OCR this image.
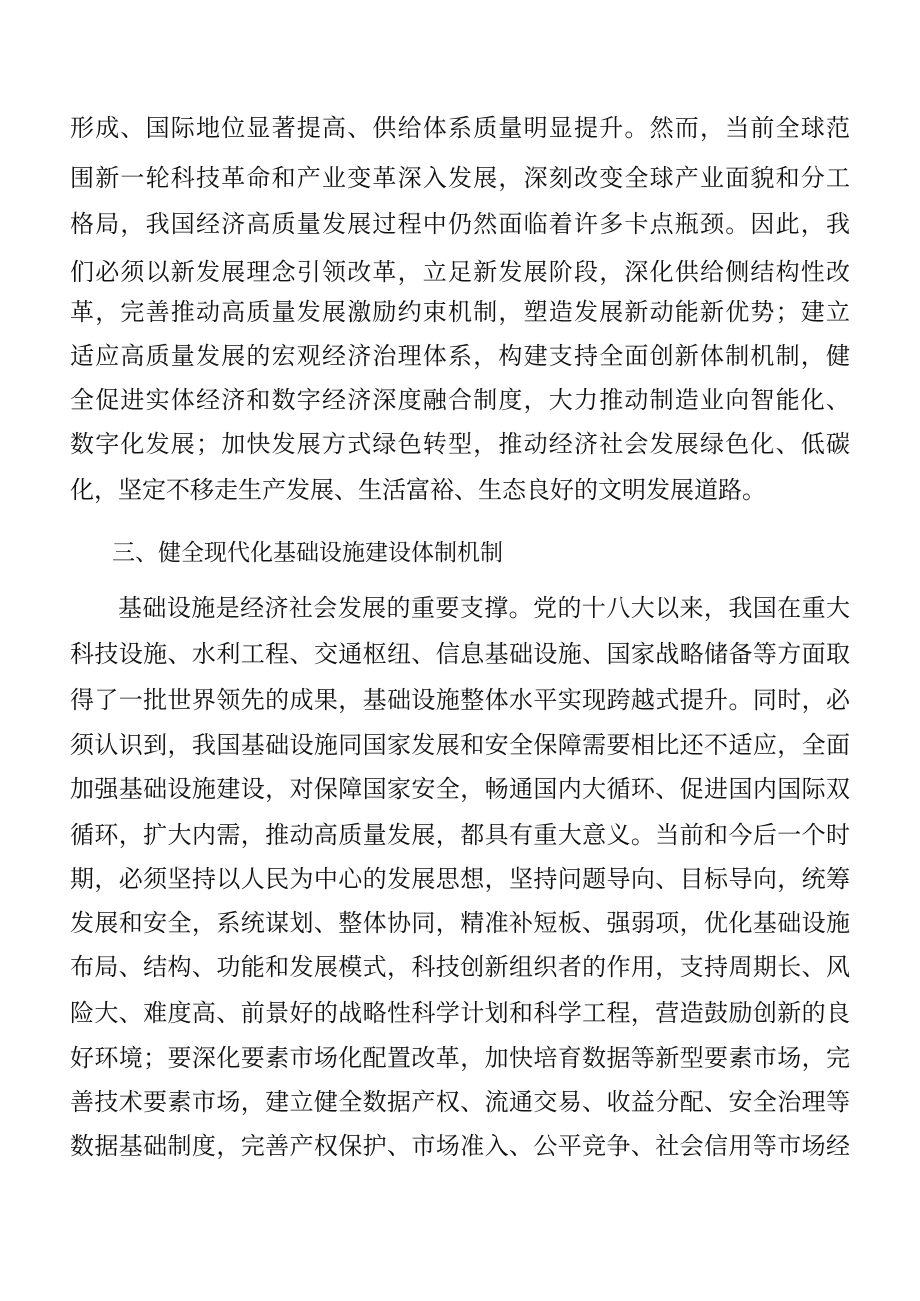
形成、国际地位显著提高、供给体系质量明显提升。然而，当前全球范
围新一轮科技革命和产业变革深入发展，深刻改变全球产业面貌和分工
格局，我国经济高质量发展过程中仍然面临着许多卡点瓶颈。因此，我
们必须以新发展理念引领改革，立足新发展阶段，深化供给侧结构性改
革，完善推动高质量发展激励约束机制，塑造发展新动能新优势；建立
适应高质量发展的宏观经济治理体系，构建支持全面创新体制机制，健
全促进实体经济和数字经济深度融合制度，大力推动制造业向智能化、
数字化发展；加快发展方式绿色转型，推动经济社会发展绿色化、低碳
化，坚定不移走生产发展、生活富裕、生态良好的文明发展道路。
三、健全现代化基础设施建设体制机制
基础设施是经济社会发展的重要支撑。党的十八大以来，我国在重大
科技设施、水利工程、交通枢纽、信息基础设施、国家战略储备等方面取
得了一批世界领先的成果，基础设施整体水平实现跨越式提升。同时，必
须认识到，我国基础设施同国家发展和安全保障需要相比还不适应，全面
加强基础设施建设，对保障国家安全，畅通国内大循环、促进国内国际双
循环，扩大内需，推动高质量发展，都具有重大意义。当前和今后一个时
期，必须坚持以人民为中心的发展思想，坚持问题导向、目标导向，统筹
发展和安全，系统谋划、整体协同，精准补短板、强弱项，优化基础设施
布局、结构、功能和发展模式，科技创新组织者的作用，支持周期长、风
险大、难度高、前景好的战略性科学计划和科学工程，营造鼓励创新的良
好环境；要深化要素市场化配置改革，加快培育数据等新型要素市场，完
善技术要素市场，建立健全数据产权、流通交易、收益分配、安全治理等
数据基础制度，完善产权保护、市场准入、公平竞争、社会信用等市场经
